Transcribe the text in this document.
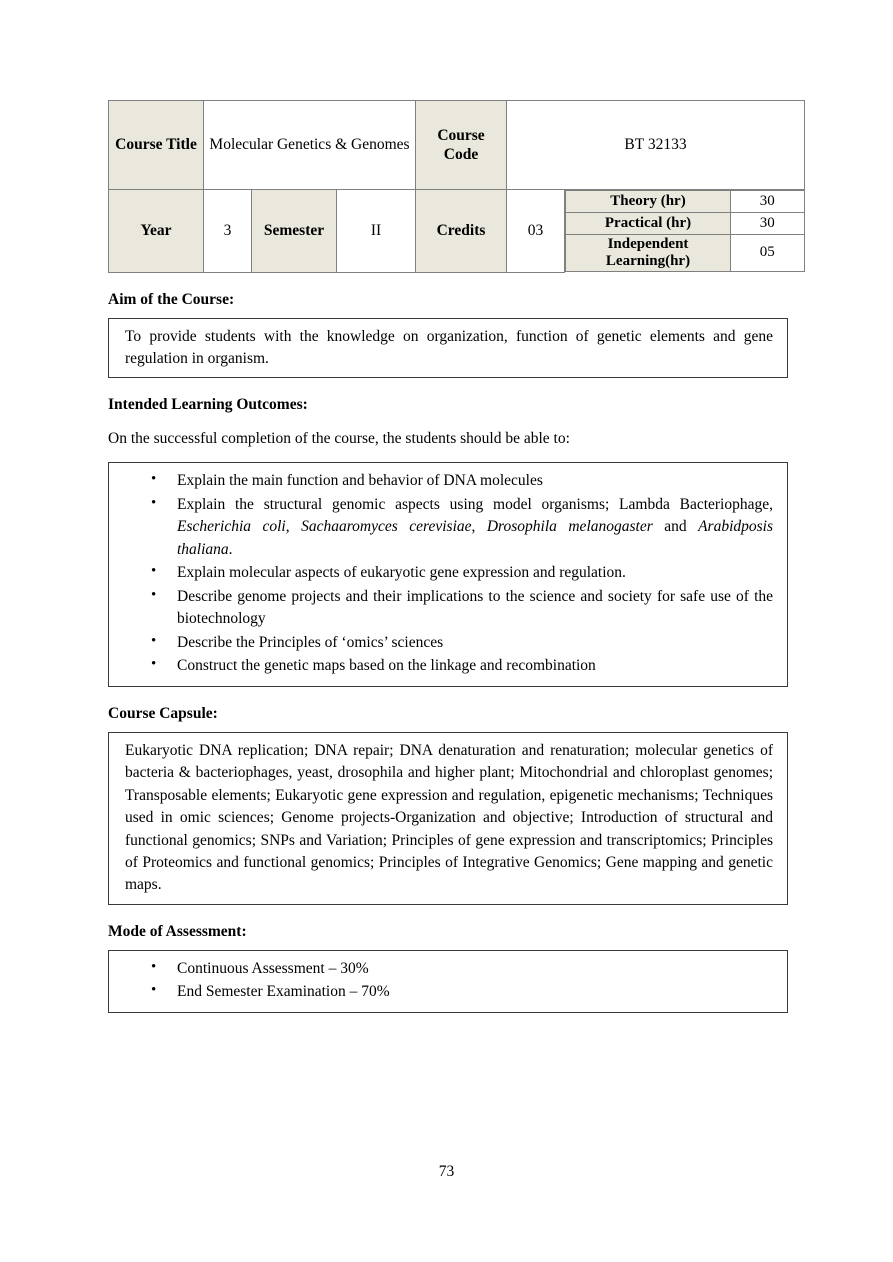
Course Title	Molecular Genetics & Genomes	Course Code	BT 32133
Year	3	Semester	II	Credits	03	
Theory (hr)	30
Practical (hr)	30
Independent Learning(hr)	05
Aim of the Course:

To provide students with the knowledge on organization, function of genetic elements and gene regulation in organism.

Intended Learning Outcomes:
On the successful completion of the course, the students should be able to:
• Explain the main function and behavior of DNA molecules
• Explain the structural genomic aspects using model organisms; Lambda Bacteriophage, Escherichia coli, Sachaaromyces cerevisiae, Drosophila melanogaster and Arabidposis thaliana.
• Explain molecular aspects of eukaryotic gene expression and regulation.
• Describe genome projects and their implications to the science and society for safe use of the biotechnology
• Describe the Principles of ‘omics’ sciences
• Construct the genetic maps based on the linkage and recombination
Course Capsule:

Eukaryotic DNA replication; DNA repair; DNA denaturation and renaturation; molecular genetics of bacteria & bacteriophages, yeast, drosophila and higher plant; Mitochondrial and chloroplast genomes; Transposable elements; Eukaryotic gene expression and regulation, epigenetic mechanisms; Techniques used in omic sciences; Genome projects-Organization and objective; Introduction of structural and functional genomics; SNPs and Variation; Principles of gene expression and transcriptomics; Principles of Proteomics and functional genomics; Principles of Integrative Genomics; Gene mapping and genetic maps.

Mode of Assessment:
• Continuous Assessment – 30%
• End Semester Examination – 70%
73
